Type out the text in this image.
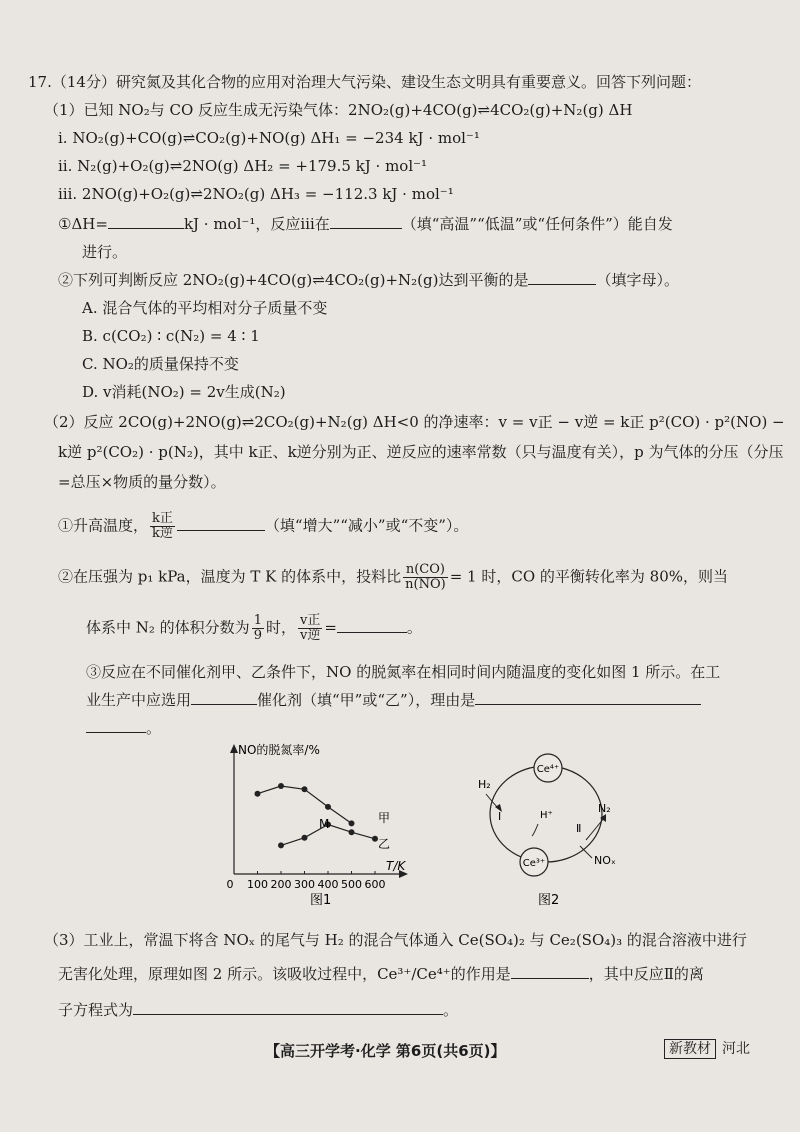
17.（14分）研究氮及其化合物的应用对治理大气污染、建设生态文明具有重要意义。回答下列问题：
（1）已知 NO₂与 CO 反应生成无污染气体：2NO₂(g)+4CO(g)⇌4CO₂(g)+N₂(g) ΔH
ⅰ. NO₂(g)+CO(g)⇌CO₂(g)+NO(g) ΔH₁ = −234 kJ · mol⁻¹
ⅱ. N₂(g)+O₂(g)⇌2NO(g) ΔH₂ = +179.5 kJ · mol⁻¹
ⅲ. 2NO(g)+O₂(g)⇌2NO₂(g) ΔH₃ = −112.3 kJ · mol⁻¹
①ΔH=	kJ · mol⁻¹，反应ⅲ在	（填“高温”“低温”或“任何条件”）能自发
进行。
②下列可判断反应 2NO₂(g)+4CO(g)⇌4CO₂(g)+N₂(g)达到平衡的是	（填字母）。
A. 混合气体的平均相对分子质量不变
B. c(CO₂) ∶ c(N₂) = 4 ∶ 1
C. NO₂的质量保持不变
D. v消耗(NO₂) = 2v生成(N₂)
（2）反应 2CO(g)+2NO(g)⇌2CO₂(g)+N₂(g) ΔH<0 的净速率：v = v正 − v逆 = k正 p²(CO) · p²(NO) −
k逆 p²(CO₂) · p(N₂)，其中 k正、k逆分别为正、逆反应的速率常数（只与温度有关），p 为气体的分压（分压
=总压×物质的量分数）。
①升高温度， $\frac{\text{k正}}{\text{k逆}}$	（填“增大”“减小”或“不变”）。
②在压强为 p₁ kPa，温度为 T K 的体系中，投料比 $\frac{n(CO)}{n(NO)} = 1$ 时，CO 的平衡转化率为 80%，则当
体系中 N₂ 的体积分数为 $\frac{1}{9}$ 时， $\frac{\text{v正}}{\text{v逆}}$ =	。
③反应在不同催化剂甲、乙条件下，NO 的脱氮率在相同时间内随温度的变化如图 1 所示。在工
业生产中应选用	催化剂（填“甲”或“乙”），理由是
。
NO的脱氮率/%
T/K
0 100 200 300 400 500 600
甲
乙
M
图1
Ce⁴⁺
Ce³⁺
H₂
Ⅰ	H⁺
Ⅱ
N₂
NOₓ
图2
（3）工业上，常温下将含 NOₓ 的尾气与 H₂ 的混合气体通入 Ce(SO₄)₂ 与 Ce₂(SO₄)₃ 的混合溶液中进行
无害化处理，原理如图 2 所示。该吸收过程中，Ce³⁺/Ce⁴⁺的作用是	，其中反应Ⅱ的离
子方程式为	。
【高三开学考·化学 第6页(共6页)】	新教材 河北
